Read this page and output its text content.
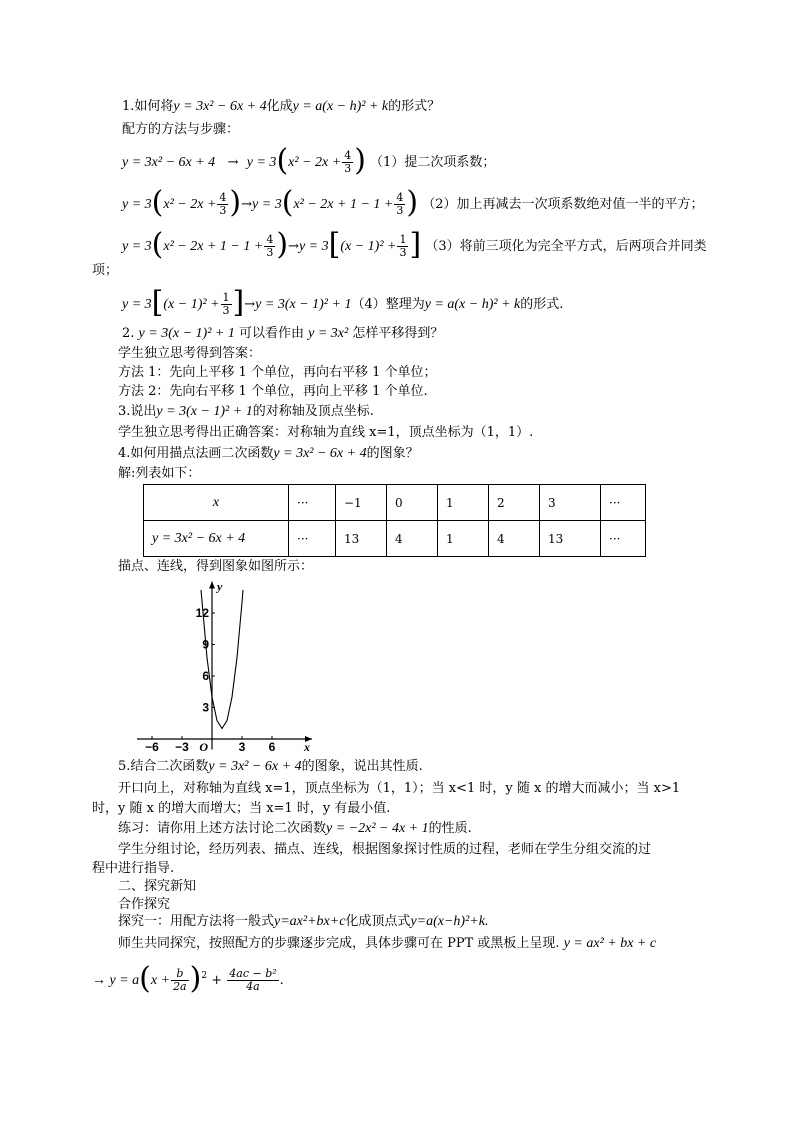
1.如何将y = 3x² − 6x + 4化成y = a(x − h)² + k的形式？
配方的方法与步骤：
$y = 3x^2 - 6x + 4 \to y = 3(x^2 - 2x + \frac{4}{3}$ ) （1）提二次项系数；
$y = 3(x^2 - 2x + \frac{4}{3} )\to y = 3(x^2 - 2x + 1 - 1 + \frac{4}{3}$ ) （2）加上再减去一次项系数绝对值一半的平方；
$y = 3(x^2 - 2x + 1 - 1 + \frac{4}{3} )\to y = 3[(x - 1)^2 + \frac{1}{3}$ ] （3）将前三项化为完全平方式，后两项合并同类
项；
$y = 3[(x - 1)^2 + \frac{1}{3} ]\to y = 3(x - 1)^2 + 1(4)$整理为y = a(x − h)² + k的形式.
2. y = 3(x − 1)² + 1 可以看作由 y = 3x² 怎样平移得到？
学生独立思考得到答案：
方法 1：先向上平移 1 个单位，再向右平移 1 个单位；
方法 2：先向右平移 1 个单位，再向上平移 1 个单位.
3.说出y = 3(x − 1)² + 1的对称轴及顶点坐标.
学生独立思考得出正确答案：对称轴为直线 x=1，顶点坐标为（1，1）.
4.如何用描点法画二次函数y = 3x² − 6x + 4的图象？
解:列表如下：
x	···	−1	0	1	2	3	···
y = 3x² − 6x + 4	···	13	4	1	4	13	···
描点、连线，得到图象如图所示：
−6 −3	3 6
3
6
9
12
O	x
y
5.结合二次函数y = 3x² − 6x + 4的图象，说出其性质.
开口向上，对称轴为直线 x=1，顶点坐标为（1，1）；当 x<1 时，y 随 x 的增大而减小；当 x>1
时，y 随 x 的增大而增大；当 x=1 时，y 有最小值.
练习：请你用上述方法讨论二次函数y = −2x² − 4x + 1的性质.
学生分组讨论，经历列表、描点、连线，根据图象探讨性质的过程，老师在学生分组交流的过
程中进行指导.
二、探究新知
合作探究
探究一：用配方法将一般式y=ax²+bx+c化成顶点式y=a(x−h)²+k.
师生共同探究，按照配方的步骤逐步完成，具体步骤可在 PPT 或黑板上呈现. y = ax² + bx + c
→ $y = a(x + \frac{b}{2a} )^2 + \frac{\text{4ac − b²}}{4a}$ .
